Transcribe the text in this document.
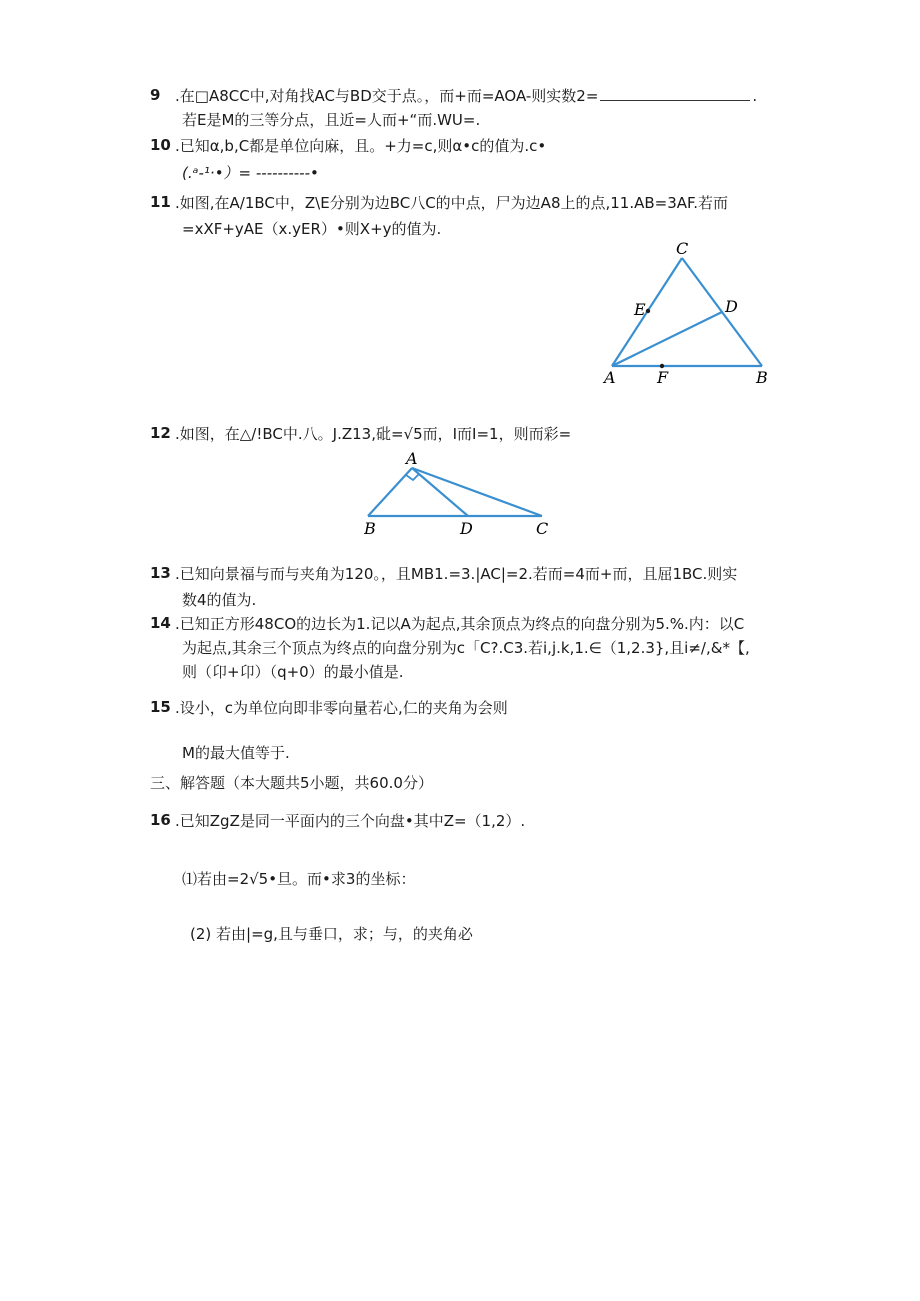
9 .在□A8CC中,对角找AC与BD交于点。，而+而=AOA-则实数2=	.
若E是M的三等分点，且近=人而+“而.WU=.
10 .已知α,b,C都是单位向麻，且。+力=c,则α•c的值为.c•
(.ᵃ-¹·•）= ----------•
11 .如图,在A/1BC中，Z\E分别为边BC八C的中点，尸为边A8上的点,11.AB=3AF.若而
=xXF+yAE（x.yER）•则X+y的值为.
C
E	D
A	F	B
12 .如图，在△/!BC中.八。J.Z13,砒=√5而，I而I=1，则而彩=
A
B	D	C
13 .已知向景福与而与夹角为120。，且MB1.=3.|AC|=2.若而=4而+而，且屈1BC.则实
数4的值为.
14 .已知正方形48CO的边长为1.记以A为起点,其余顶点为终点的向盘分别为5.%.内：以C
为起点,其余三个顶点为终点的向盘分别为c「C?.C3.若i,j.k,1.∈（1,2.3},且i≠/,&*【,
则（卬+卬）（q+0）的最小值是.
15 .设小，c为单位向即非零向量若心,仁的夹角为会则
M的最大值等于.
三、解答题（本大题共5小题，共60.0分）
16 .已知ZgZ是同一平面内的三个向盘•其中Z=（1,2）.
⑴若由=2√5•旦。而•求3的坐标：
(2) 若由|=g,且与垂口，求；与，的夹角必
